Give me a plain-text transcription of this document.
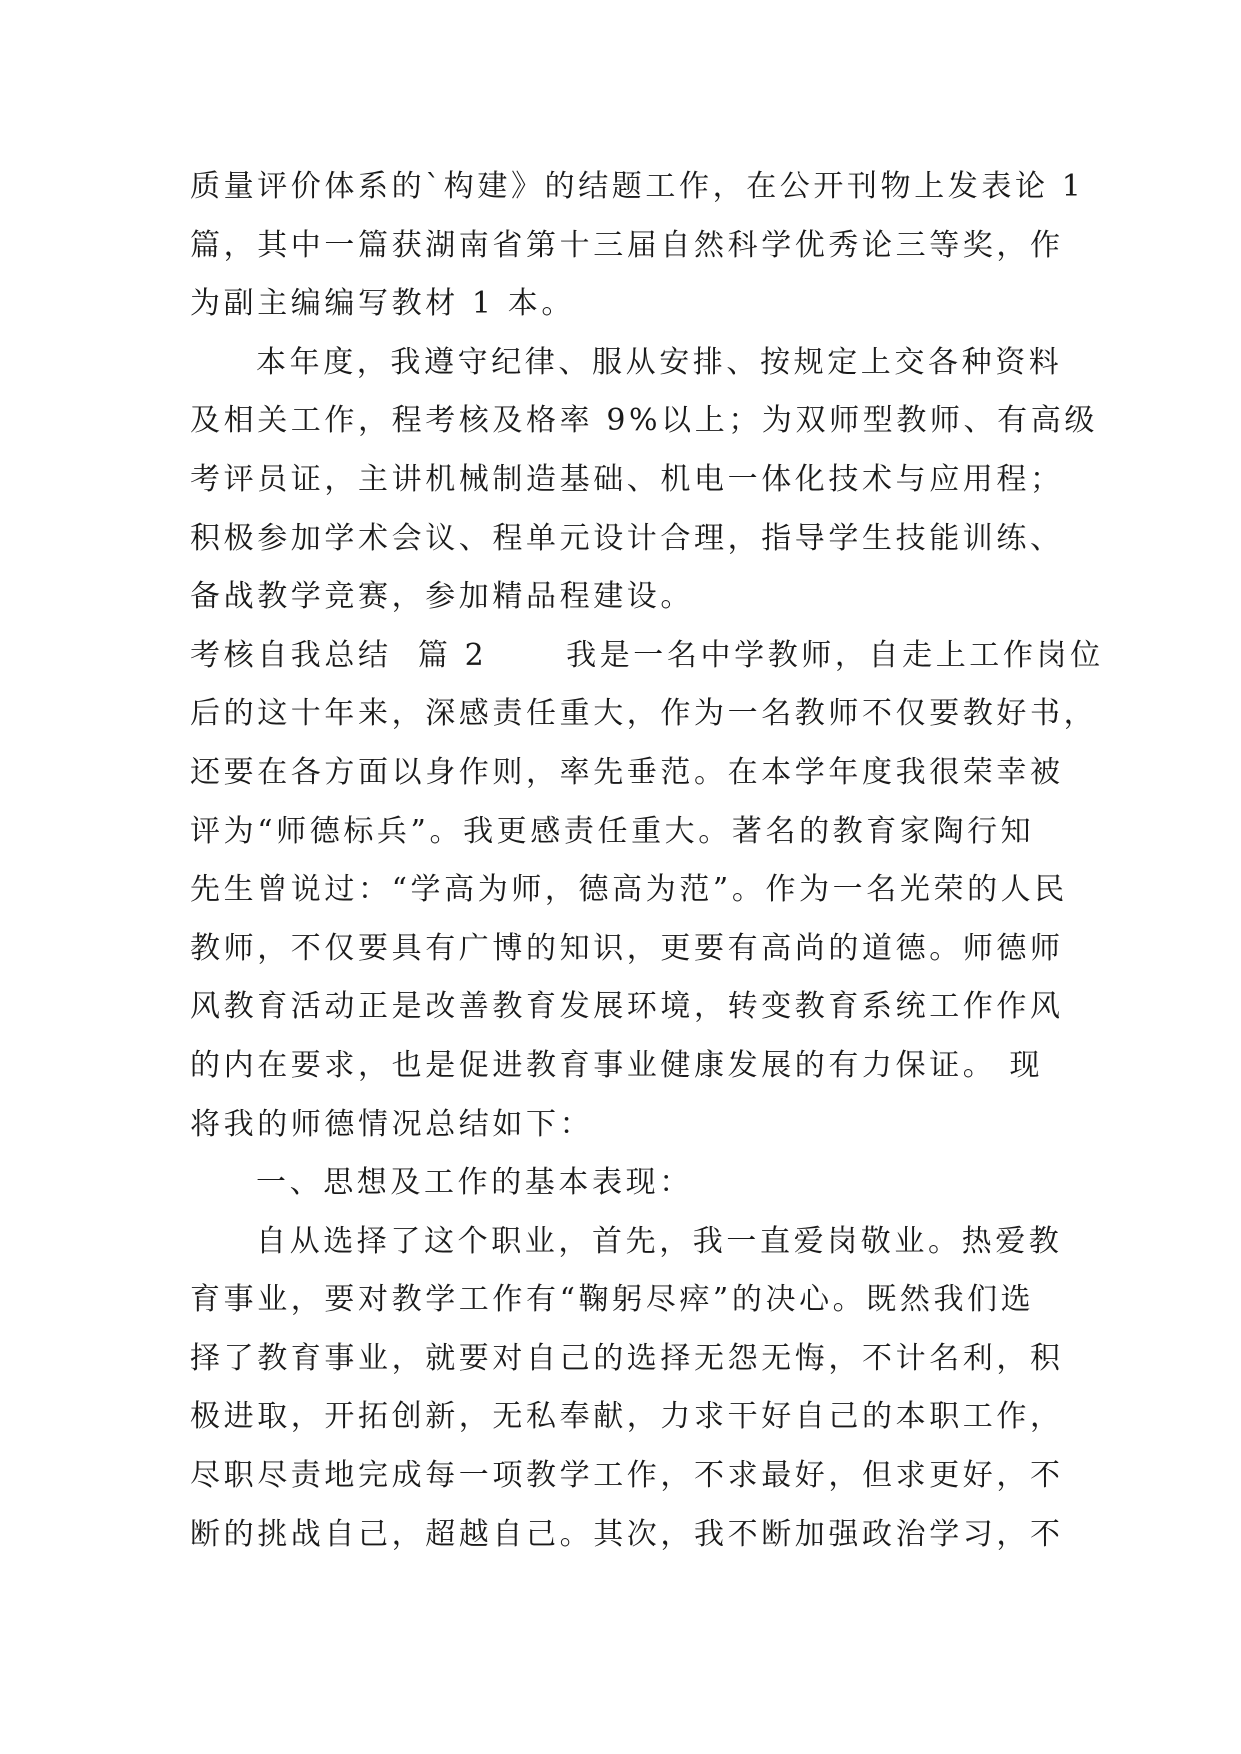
质量评价体系的`构建》的结题工作，在公开刊物上发表论 1
篇，其中一篇获湖南省第十三届自然科学优秀论三等奖，作
为副主编编写教材 1 本。
本年度，我遵守纪律、服从安排、按规定上交各种资料
及相关工作，程考核及格率 9%以上；为双师型教师、有高级
考评员证，主讲机械制造基础、机电一体化技术与应用程；
积极参加学术会议、程单元设计合理，指导学生技能训练、
备战教学竞赛，参加精品程建设。
考核自我总结  篇 2      我是一名中学教师，自走上工作岗位
后的这十年来，深感责任重大，作为一名教师不仅要教好书，
还要在各方面以身作则，率先垂范。在本学年度我很荣幸被
评为“师德标兵”。我更感责任重大。著名的教育家陶行知
先生曾说过：“学高为师，德高为范”。作为一名光荣的人民
教师，不仅要具有广博的知识，更要有高尚的道德。师德师
风教育活动正是改善教育发展环境，转变教育系统工作作风
的内在要求，也是促进教育事业健康发展的有力保证。 现
将我的师德情况总结如下：
一、思想及工作的基本表现：
自从选择了这个职业，首先，我一直爱岗敬业。热爱教
育事业，要对教学工作有“鞠躬尽瘁”的决心。既然我们选
择了教育事业，就要对自己的选择无怨无悔，不计名利，积
极进取，开拓创新，无私奉献，力求干好自己的本职工作，
尽职尽责地完成每一项教学工作，不求最好，但求更好，不
断的挑战自己，超越自己。其次，我不断加强政治学习，不
